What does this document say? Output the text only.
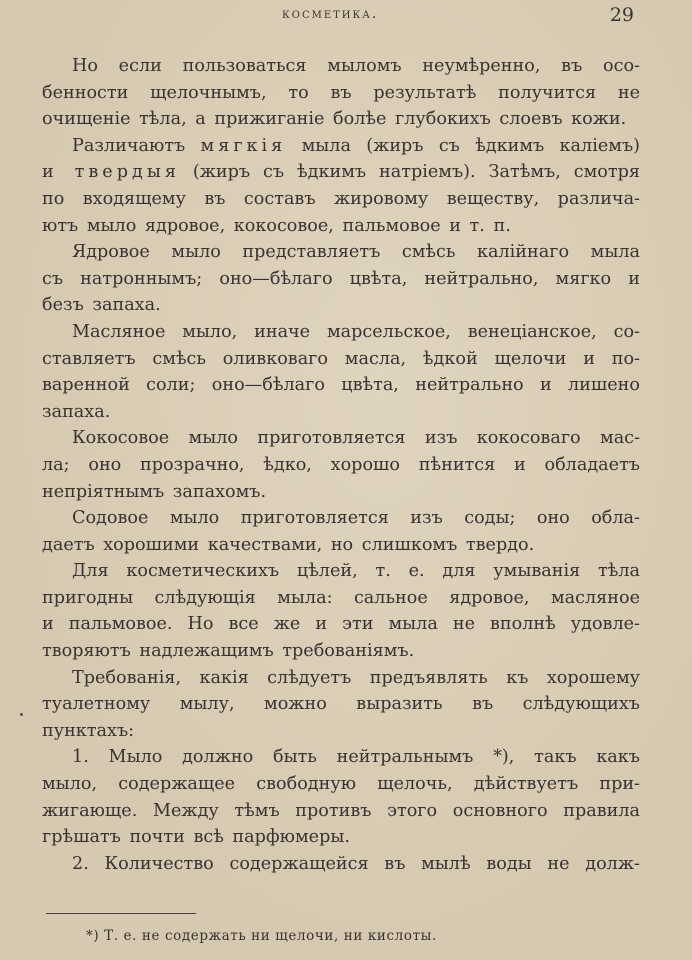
косметика.	29
Но если пользоваться мыломъ неумѣренно, въ осо-
бенности щелочнымъ, то въ результатѣ получится не
очищеніе тѣла, а прижиганіе болѣе глубокихъ слоевъ кожи.
Различаютъ мягкія мыла (жиръ съ ѣдкимъ каліемъ)
и твердыя (жиръ съ ѣдкимъ натріемъ). Затѣмъ, смотря
по входящему въ составъ жировому веществу, различа-
ютъ мыло ядровое, кокосовое, пальмовое и т. п.
Ядровое мыло представляетъ смѣсь калійнаго мыла
съ натроннымъ; оно—бѣлаго цвѣта, нейтрально, мягко и
безъ запаха.
Масляное мыло, иначе марсельское, венеціанское, со-
ставляетъ смѣсь оливковаго масла, ѣдкой щелочи и по-
варенной соли; оно—бѣлаго цвѣта, нейтрально и лишено
запаха.
Кокосовое мыло приготовляется изъ кокосоваго мас-
ла; оно прозрачно, ѣдко, хорошо пѣнится и обладаетъ
непріятнымъ запахомъ.
Содовое мыло приготовляется изъ соды; оно обла-
даетъ хорошими качествами, но слишкомъ твердо.
Для косметическихъ цѣлей, т. е. для умыванія тѣла
пригодны слѣдующія мыла: сальное ядровое, масляное
и пальмовое. Но все же и эти мыла не вполнѣ удовле-
творяютъ надлежащимъ требованіямъ.
Требованія, какія слѣдуетъ предъявлять къ хорошему
туалетному мылу, можно выразить въ слѣдующихъ
пунктахъ:
1. Мыло должно быть нейтральнымъ *), такъ какъ
мыло, содержащее свободную щелочь, дѣйствуетъ при-
жигающе. Между тѣмъ противъ этого основного правила
грѣшатъ почти всѣ парфюмеры.
2. Количество содержащейся въ мылѣ воды не долж-
*) Т. е. не содержать ни щелочи, ни кислоты.
